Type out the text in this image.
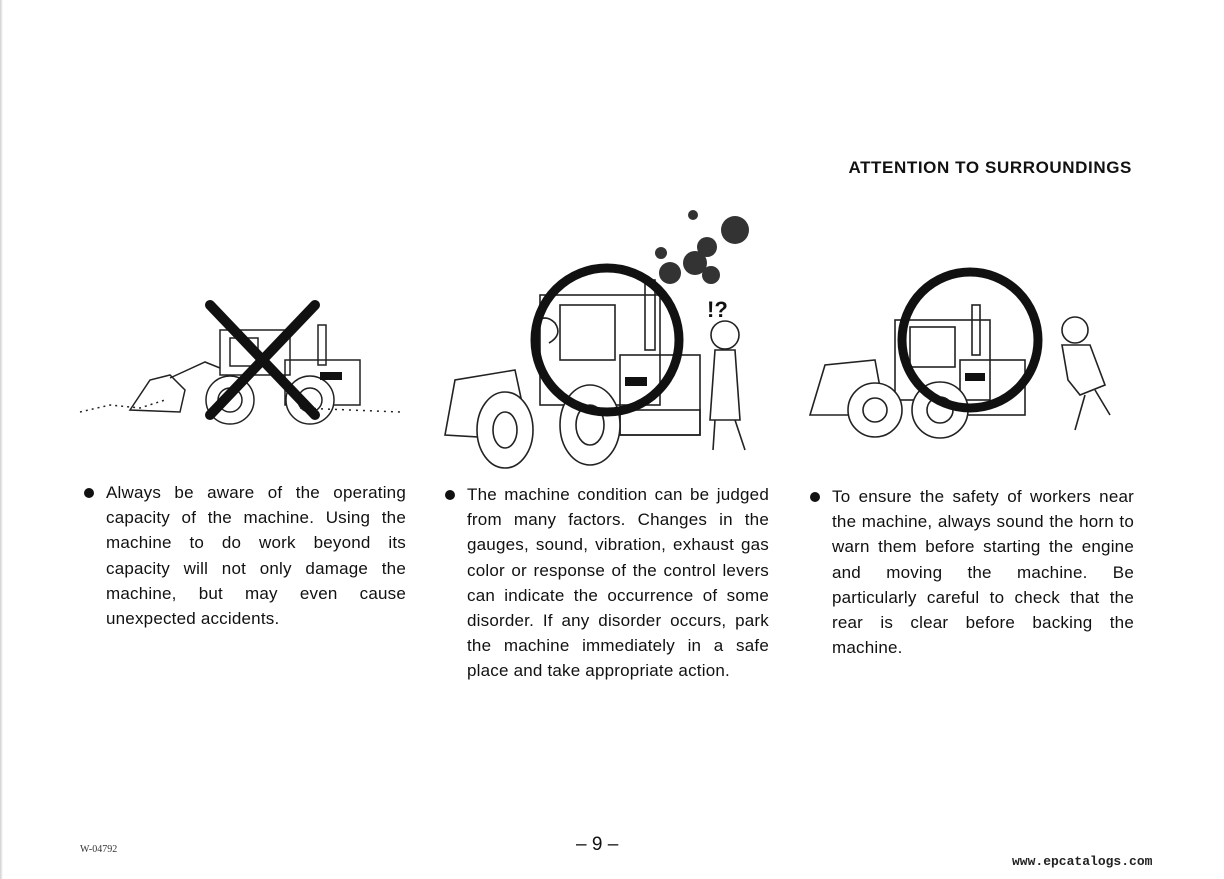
ATTENTION TO SURROUNDINGS
!?

Always be aware of the operating capacity of the machine. Using the machine to do work beyond its capacity will not only damage the machine, but may even cause unexpected accidents.

The machine condition can be judged from many factors. Changes in the gauges, sound, vibration, exhaust gas color or response of the control levers can indicate the occurrence of some disorder. If any disorder occurs, park the machine immediately in a safe place and take appropriate action.

To ensure the safety of workers near the machine, always sound the horn to warn them before starting the engine and moving the machine. Be particularly careful to check that the rear is clear before backing the machine.

W-04792	– 9 –
www.epcatalogs.com
